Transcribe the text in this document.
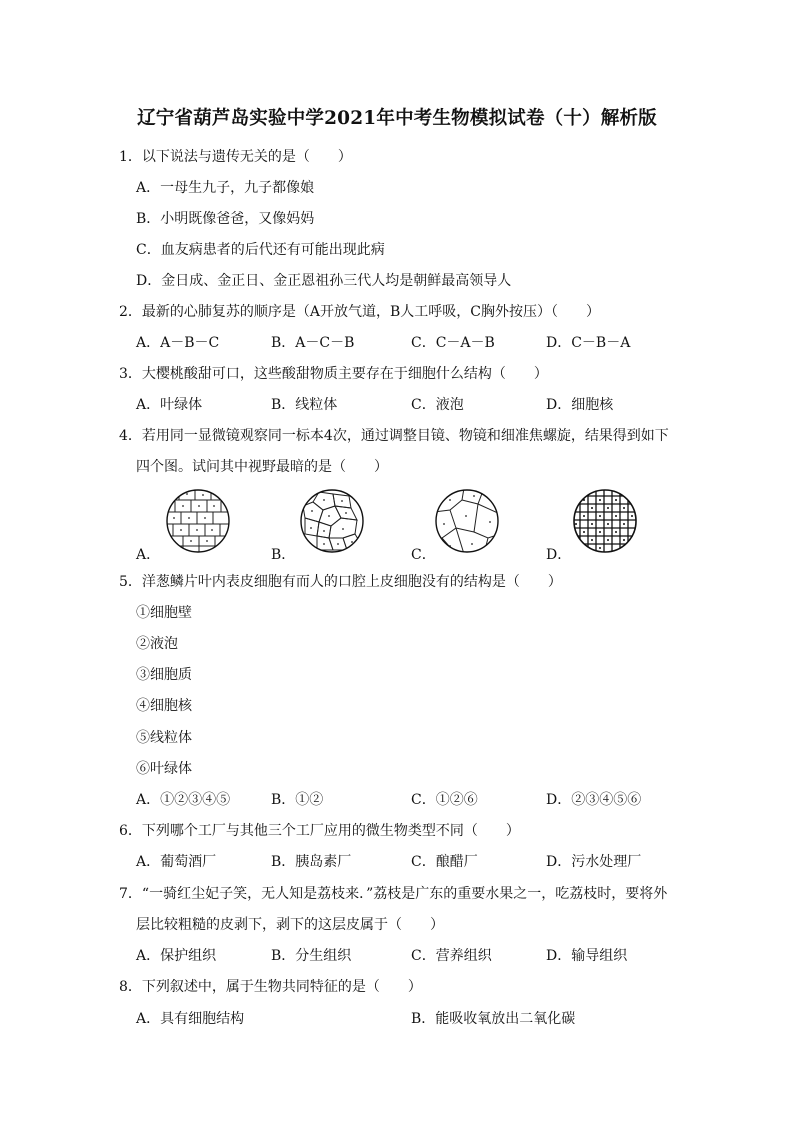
辽宁省葫芦岛实验中学2021年中考生物模拟试卷（十）解析版
1．以下说法与遗传无关的是（　　）
A．一母生九子，九子都像娘
B．小明既像爸爸，又像妈妈
C．血友病患者的后代还有可能出现此病
D．金日成、金正日、金正恩祖孙三代人均是朝鲜最高领导人
2．最新的心肺复苏的顺序是（A开放气道，B人工呼吸，C胸外按压）（　　）
A．A－B－C	B．A－C－B	C．C－A－B	D．C－B－A
3．大樱桃酸甜可口，这些酸甜物质主要存在于细胞什么结构（　　）
A．叶绿体	B．线粒体	C．液泡	D．细胞核
4．若用同一显微镜观察同一标本4次，通过调整目镜、物镜和细准焦螺旋，结果得到如下
四个图。试问其中视野最暗的是（　　）
A．	B．	C．	D．
5．洋葱鳞片叶内表皮细胞有而人的口腔上皮细胞没有的结构是（　　）
①细胞壁
②液泡
③细胞质
④细胞核
⑤线粒体
⑥叶绿体
A．①②③④⑤	B．①②	C．①②⑥	D．②③④⑤⑥
6．下列哪个工厂与其他三个工厂应用的微生物类型不同（　　）
A．葡萄酒厂	B．胰岛素厂	C．酿醋厂	D．污水处理厂
7．“一骑红尘妃子笑，无人知是荔枝来．”荔枝是广东的重要水果之一，吃荔枝时，要将外
层比较粗糙的皮剥下，剥下的这层皮属于（　　）
A．保护组织	B．分生组织	C．营养组织	D．输导组织
8．下列叙述中，属于生物共同特征的是（　　）
A．具有细胞结构	B．能吸收氧放出二氧化碳
